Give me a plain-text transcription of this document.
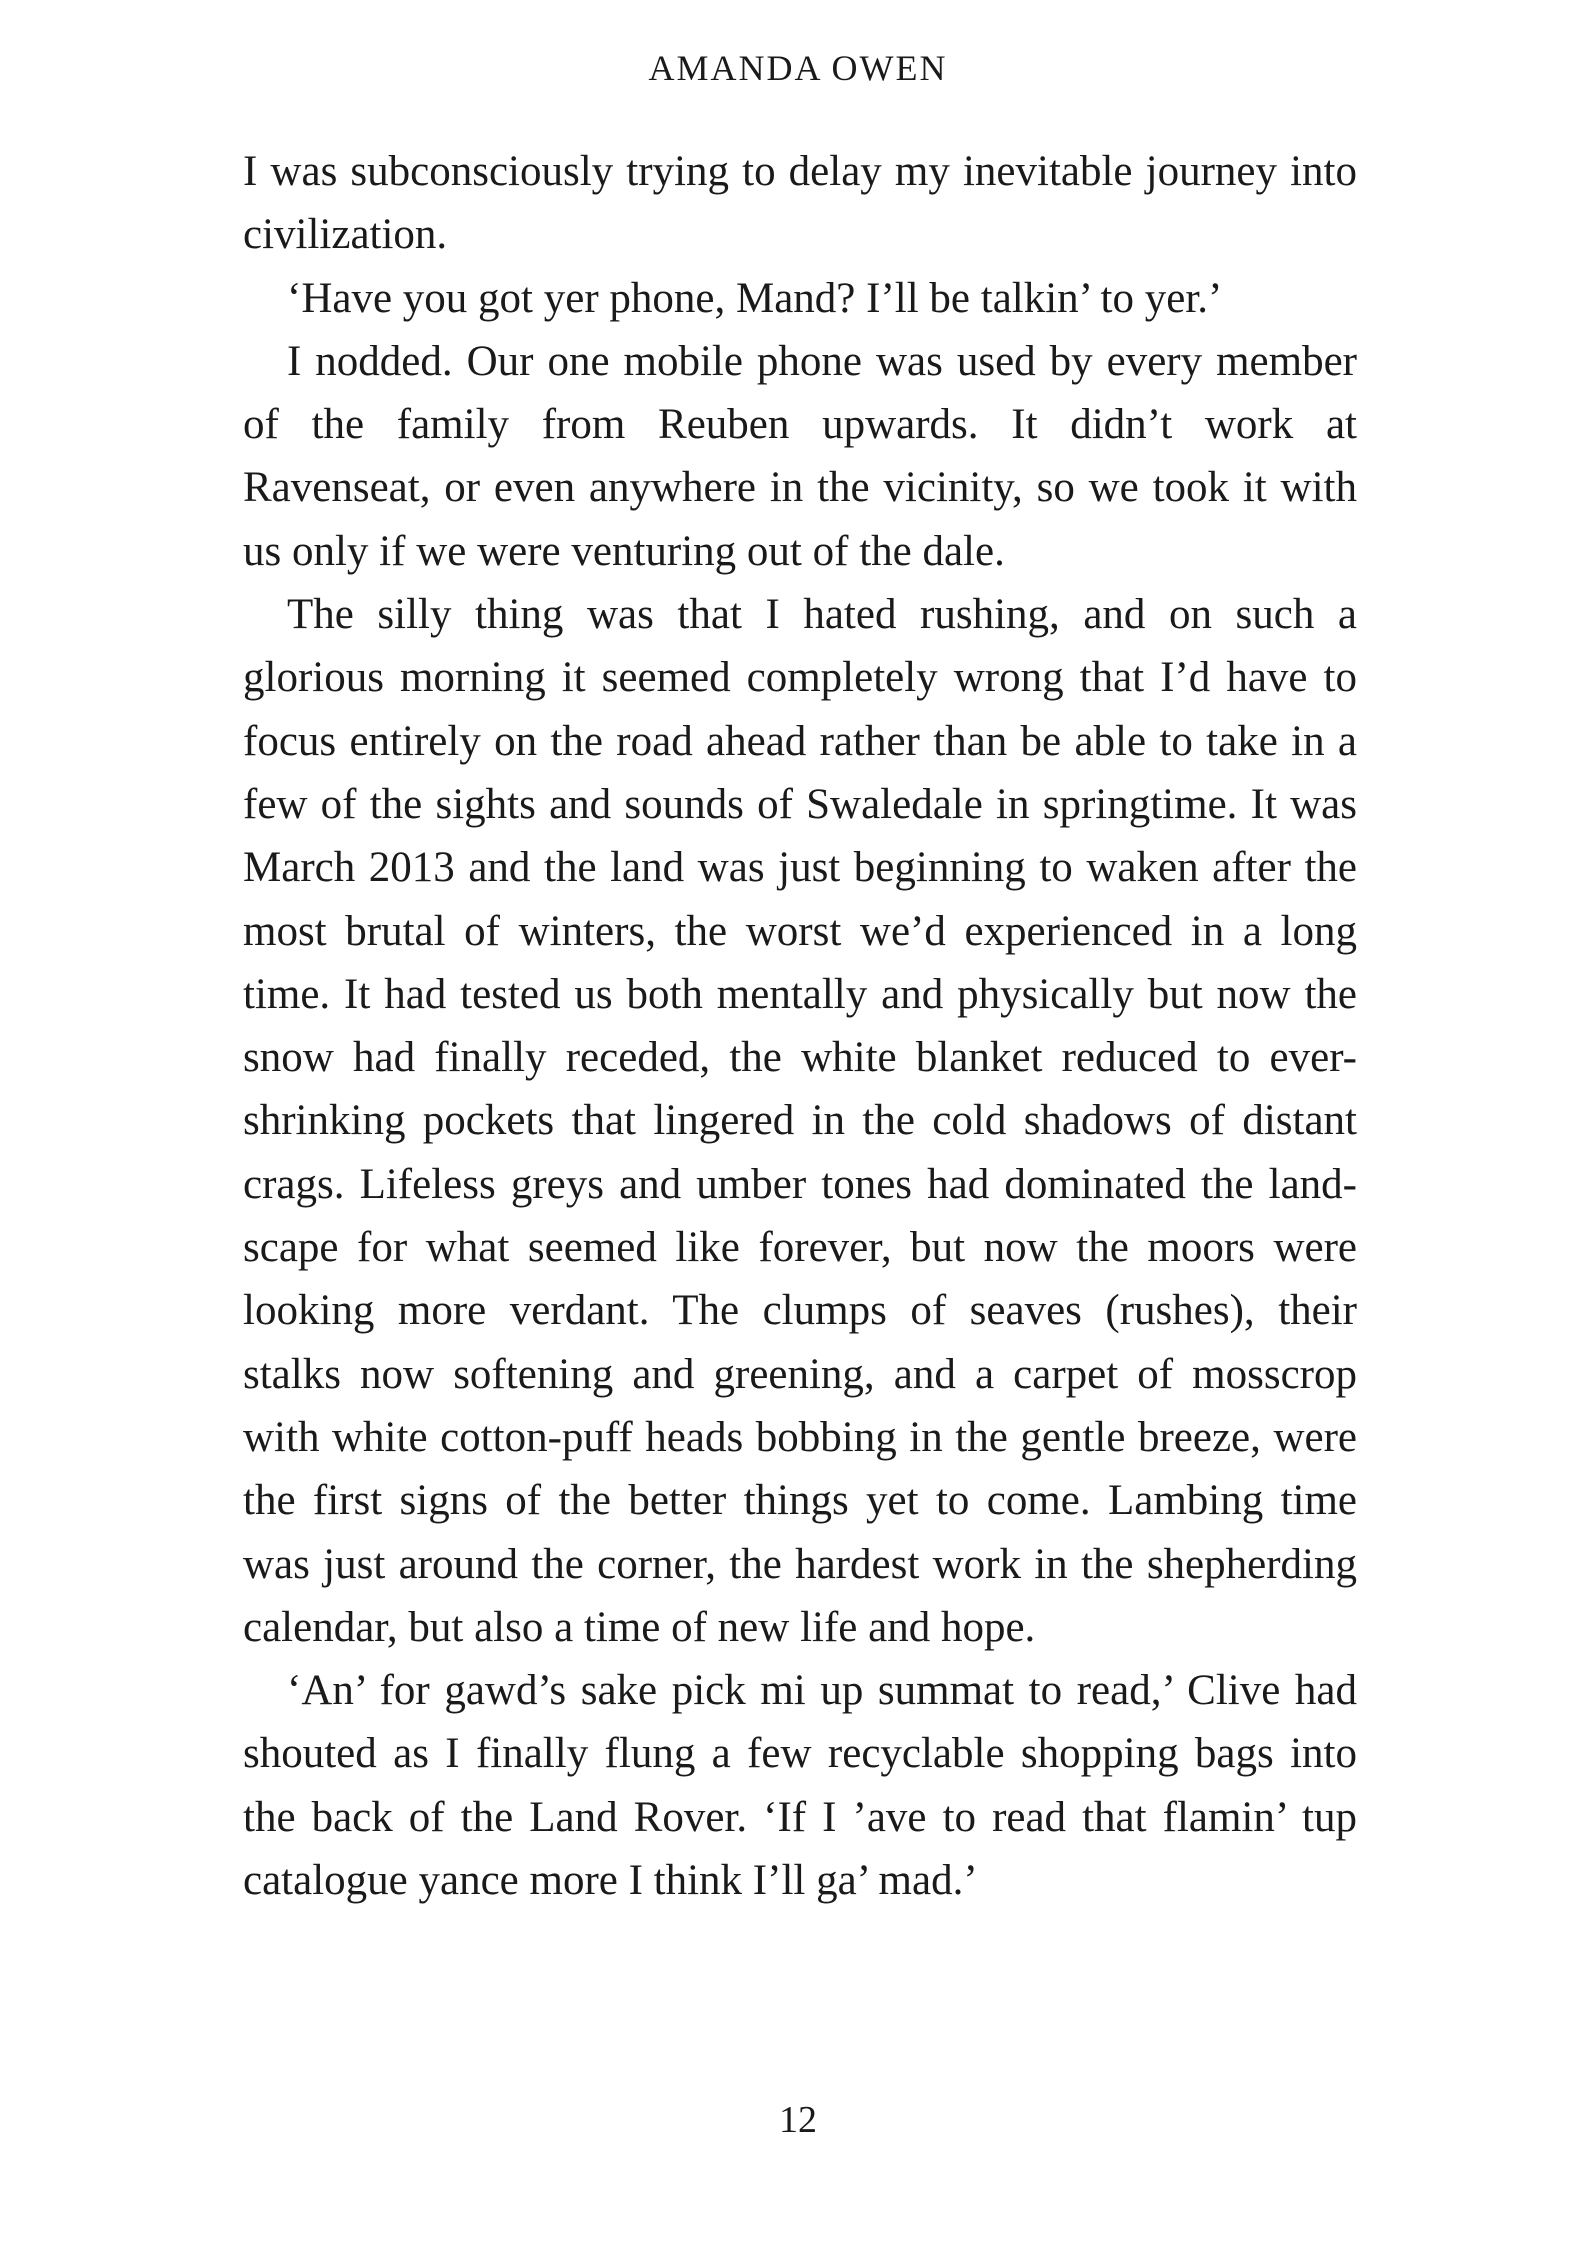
AMANDA OWEN

I was subconsciously trying to delay my inevitable journey into civilization.

‘Have you got yer phone, Mand? I’ll be talkin’ to yer.’

I nodded. Our one mobile phone was used by every member of the family from Reuben upwards. It didn’t work at Ravenseat, or even anywhere in the vicinity, so we took it with us only if we were venturing out of the dale.

The silly thing was that I hated rushing, and on such a glorious morning it seemed completely wrong that I’d have to focus entirely on the road ahead rather than be able to take in a few of the sights and sounds of Swaledale in springtime. It was March 2013 and the land was just beginning to waken after the most brutal of winters, the worst we’d experienced in a long time. It had tested us both mentally and physically but now the snow had finally receded, the white blanket reduced to ever-shrinking pockets that lingered in the cold shadows of distant crags. Lifeless greys and umber tones had dominated the land- scape for what seemed like forever, but now the moors were looking more verdant. The clumps of seaves (rushes), their stalks now softening and greening, and a carpet of mosscrop with white cotton-puff heads bobbing in the gentle breeze, were the first signs of the better things yet to come. Lambing time was just around the corner, the hardest work in the shepherding calendar, but also a time of new life and hope.

‘An’ for gawd’s sake pick mi up summat to read,’ Clive had shouted as I finally flung a few recyclable shopping bags into the back of the Land Rover. ‘If I ’ave to read that flamin’ tup catalogue yance more I think I’ll ga’ mad.’

12
